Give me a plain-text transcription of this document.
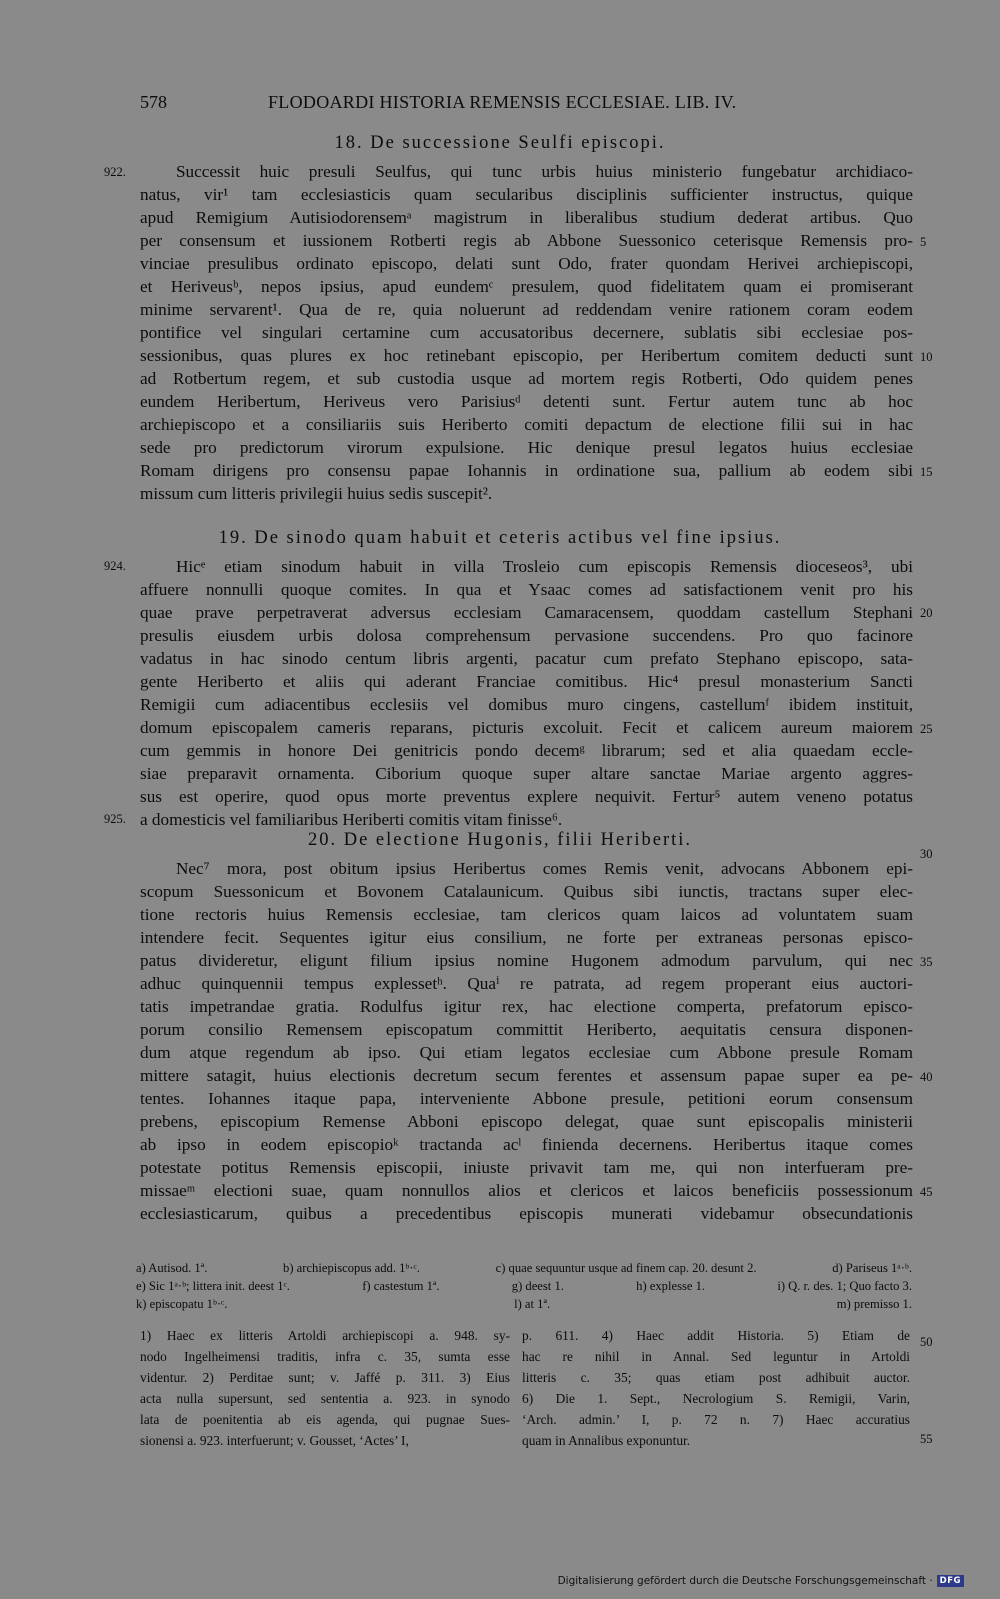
578	FLODOARDI HISTORIA REMENSIS ECCLESIAE. LIB. IV.
18. De successione Seulfi episcopi.
19. De sinodo quam habuit et ceteris actibus vel fine ipsius.
20. De electione Hugonis, filii Heriberti.
Successit huic presuli Seulfus, qui tunc urbis huius ministerio fungebatur archidiaco-
natus, vir¹ tam ecclesiasticis quam secularibus disciplinis sufficienter instructus, quique
apud Remigium Autisiodorensemᵃ magistrum in liberalibus studium dederat artibus. Quo
per consensum et iussionem Rotberti regis ab Abbone Suessonico ceterisque Remensis pro-
vinciae presulibus ordinato episcopo, delati sunt Odo, frater quondam Herivei archiepiscopi,
et Heriveusᵇ, nepos ipsius, apud eundemᶜ presulem, quod fidelitatem quam ei promiserant
minime servarent¹. Qua de re, quia noluerunt ad reddendam venire rationem coram eodem
pontifice vel singulari certamine cum accusatoribus decernere, sublatis sibi ecclesiae pos-
sessionibus, quas plures ex hoc retinebant episcopio, per Heribertum comitem deducti sunt
ad Rotbertum regem, et sub custodia usque ad mortem regis Rotberti, Odo quidem penes
eundem Heribertum, Heriveus vero Parisiusᵈ detenti sunt. Fertur autem tunc ab hoc
archiepiscopo et a consiliariis suis Heriberto comiti depactum de electione filii sui in hac
sede pro predictorum virorum expulsione. Hic denique presul legatos huius ecclesiae
Romam dirigens pro consensu papae Iohannis in ordinatione sua, pallium ab eodem sibi
missum cum litteris privilegii huius sedis suscepit².
Hicᵉ etiam sinodum habuit in villa Trosleio cum episcopis Remensis dioceseos³, ubi
affuere nonnulli quoque comites. In qua et Ysaac comes ad satisfactionem venit pro his
quae prave perpetraverat adversus ecclesiam Camaracensem, quoddam castellum Stephani
presulis eiusdem urbis dolosa comprehensum pervasione succendens. Pro quo facinore
vadatus in hac sinodo centum libris argenti, pacatur cum prefato Stephano episcopo, sata-
gente Heriberto et aliis qui aderant Franciae comitibus. Hic⁴ presul monasterium Sancti
Remigii cum adiacentibus ecclesiis vel domibus muro cingens, castellumᶠ ibidem instituit,
domum episcopalem cameris reparans, picturis excoluit. Fecit et calicem aureum maiorem
cum gemmis in honore Dei genitricis pondo decemᵍ librarum; sed et alia quaedam eccle-
siae preparavit ornamenta. Ciborium quoque super altare sanctae Mariae argento aggres-
sus est operire, quod opus morte preventus explere nequivit. Fertur⁵ autem veneno potatus
a domesticis vel familiaribus Heriberti comitis vitam finisse⁶.
Nec⁷ mora, post obitum ipsius Heribertus comes Remis venit, advocans Abbonem epi-
scopum Suessonicum et Bovonem Catalaunicum. Quibus sibi iunctis, tractans super elec-
tione rectoris huius Remensis ecclesiae, tam clericos quam laicos ad voluntatem suam
intendere fecit. Sequentes igitur eius consilium, ne forte per extraneas personas episco-
patus divideretur, eligunt filium ipsius nomine Hugonem admodum parvulum, qui nec
adhuc quinquennii tempus explessetʰ. Quaⁱ re patrata, ad regem properant eius auctori-
tatis impetrandae gratia. Rodulfus igitur rex, hac electione comperta, prefatorum episco-
porum consilio Remensem episcopatum committit Heriberto, aequitatis censura disponen-
dum atque regendum ab ipso. Qui etiam legatos ecclesiae cum Abbone presule Romam
mittere satagit, huius electionis decretum secum ferentes et assensum papae super ea pe-
tentes. Iohannes itaque papa, interveniente Abbone presule, petitioni eorum consensum
prebens, episcopium Remense Abboni episcopo delegat, quae sunt episcopalis ministerii
ab ipso in eodem episcopioᵏ tractanda acˡ finienda decernens. Heribertus itaque comes
potestate potitus Remensis episcopii, iniuste privavit tam me, qui non interfueram pre-
missaeᵐ electioni suae, quam nonnullos alios et clericos et laicos beneficiis possessionum
ecclesiasticarum, quibus a precedentibus episcopis munerati videbamur obsecundationis
922.
924.
925.
5
10
15
20
25
30
35
40
45
50
55
a) Autisod. 1ª.	b) archiepiscopus add. 1ᵇ·ᶜ.	c) quae sequuntur usque ad finem cap. 20. desunt 2.	d) Pariseus 1ᵃ·ᵇ.
e) Sic 1ᵃ·ᵇ; littera init. deest 1ᶜ.	f) castestum 1ª.	g) deest 1.	h) explesse 1.	i) Q. r. des. 1; Quo facto 3.
k) episcopatu 1ᵇ·ᶜ.	l) at 1ª.	m) premisso 1.
1) Haec ex litteris Artoldi archiepiscopi a. 948. sy-
nodo Ingelheimensi traditis, infra c. 35, sumta esse
videntur. 2) Perditae sunt; v. Jaffé p. 311. 3) Eius
acta nulla supersunt, sed sententia a. 923. in synodo
lata de poenitentia ab eis agenda, qui pugnae Sues-
sionensi a. 923. interfuerunt; v. Gousset, ‘Actes’ I,
p. 611. 4) Haec addit Historia. 5) Etiam de
hac re nihil in Annal. Sed leguntur in Artoldi
litteris c. 35; quas etiam post adhibuit auctor.
6) Die 1. Sept., Necrologium S. Remigii, Varin,
‘Arch. admin.’ I, p. 72 n. 7) Haec accuratius
quam in Annalibus exponuntur.
Digitalisierung gefördert durch die Deutsche Forschungsgemeinschaft · DFG
